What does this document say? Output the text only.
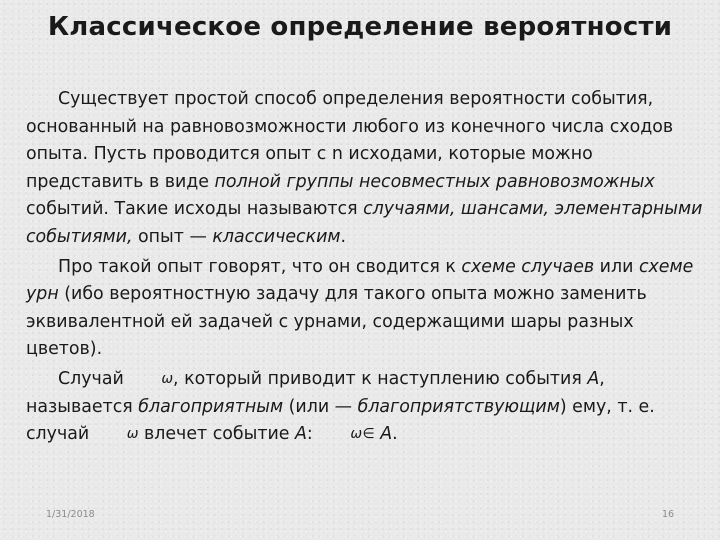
Классическое определение вероятности

Существует простой способ определения вероятности события, основанный на равновозможности любого из конечного числа сходов опыта. Пусть проводится опыт с n исходами, которые можно представить в виде полной группы несовместных равновозможных событий. Такие исходы называются случаями, шансами, элементарными событиями, опыт — классическим.

Про такой опыт говорят, что он сводится к схеме случаев или схеме урн (ибо вероятностную задачу для такого опыта можно заменить эквивалентной ей задачей с урнами, содержащими шары разных цветов).

Случай ω , который приводит к наступлению события А, называется благоприятным (или — благоприятствующим) ему, т. е. случай ω влечет событие А: ω ∈ А.

1/31/2018	16
